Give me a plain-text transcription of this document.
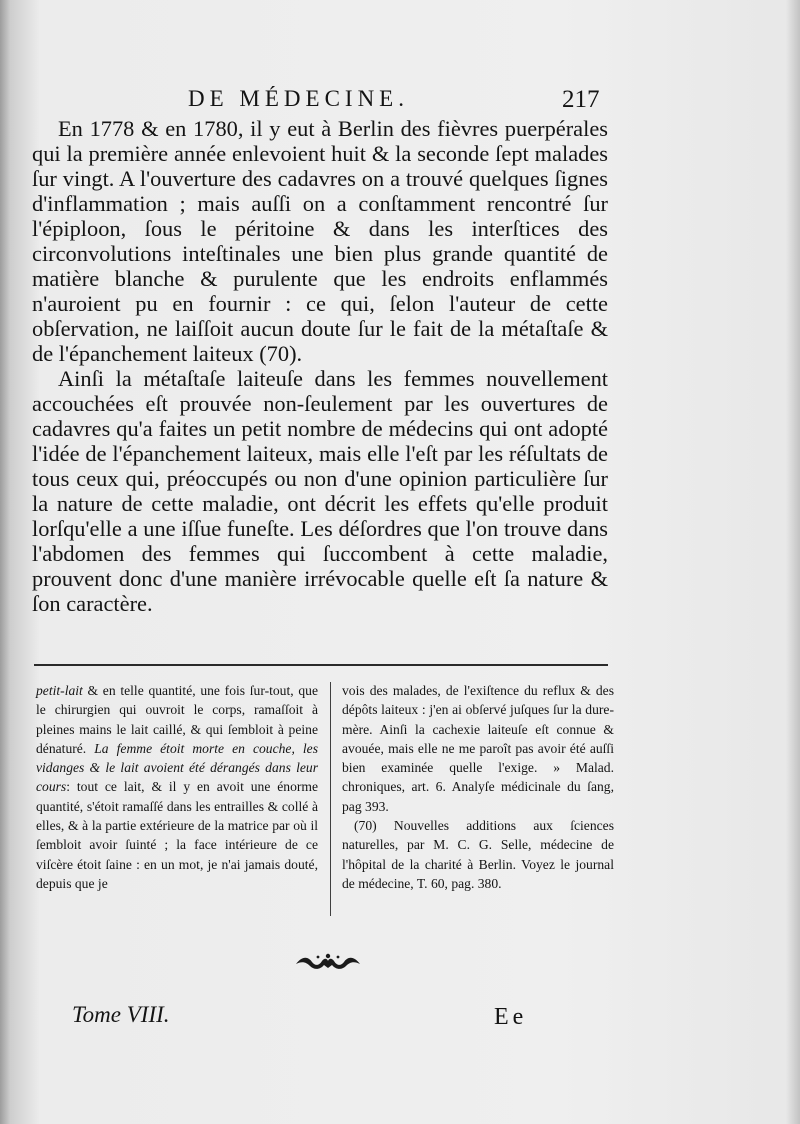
DE MÉDECINE.	217

En 1778 & en 1780, il y eut à Berlin des fièvres puerpérales qui la première année enlevoient huit & la seconde ſept malades ſur vingt. A l'ouverture des cadavres on a trouvé quelques ſignes d'inflammation ; mais auſſi on a conſtamment rencontré ſur l'épiploon, ſous le péritoine & dans les interſtices des circonvolutions inteſtinales une bien plus grande quantité de matière blanche & purulente que les endroits enflammés n'auroient pu en fournir : ce qui, ſelon l'auteur de cette obſervation, ne laiſſoit aucun doute ſur le fait de la métaſtaſe & de l'épanchement laiteux (70).

Ainſi la métaſtaſe laiteuſe dans les femmes nouvellement accouchées eſt prouvée non-ſeulement par les ouvertures de cadavres qu'a faites un petit nombre de médecins qui ont adopté l'idée de l'épanchement laiteux, mais elle l'eſt par les réſultats de tous ceux qui, préoccupés ou non d'une opinion particulière ſur la nature de cette maladie, ont décrit les effets qu'elle produit lorſqu'elle a une iſſue funeſte. Les déſordres que l'on trouve dans l'abdomen des femmes qui ſuccombent à cette maladie, prouvent donc d'une manière irrévocable quelle eſt ſa nature & ſon caractère.

petit-lait & en telle quantité, une fois ſur-tout, que le chirurgien qui ouvroit le corps, ramaſſoit à pleines mains le lait caillé, & qui ſembloit à peine dénaturé. La femme étoit morte en couche, les vidanges & le lait avoient été dérangés dans leur cours: tout ce lait, & il y en avoit une énorme quantité, s'étoit ramaſſé dans les entrailles & collé à elles, & à la partie extérieure de la matrice par où il ſembloit avoir ſuinté ; la face intérieure de ce viſcère étoit ſaine : en un mot, je n'ai jamais douté, depuis que je

vois des malades, de l'exiſtence du reflux & des dépôts laiteux : j'en ai obſervé juſques ſur la dure-mère. Ainſi la cachexie laiteuſe eſt connue & avouée, mais elle ne me paroît pas avoir été auſſi bien examinée quelle l'exige. » Malad. chroniques, art. 6. Analyſe médicinale du ſang, pag 393.

(70) Nouvelles additions aux ſciences naturelles, par M. C. G. Selle, médecine de l'hôpital de la charité à Berlin. Voyez le journal de médecine, T. 60, pag. 380.

Tome VIII.	Ee
